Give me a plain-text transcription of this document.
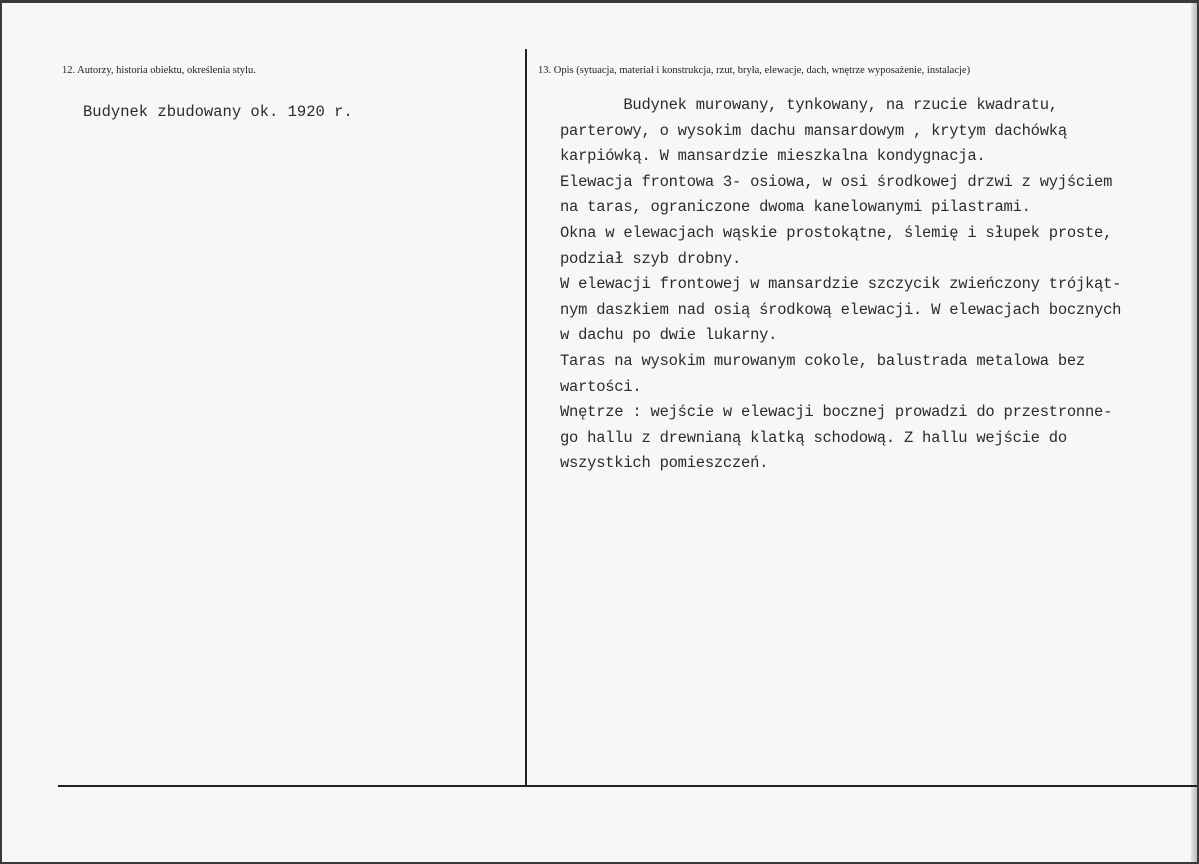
12. Autorzy, historia obiektu, określenia stylu.	13. Opis (sytuacja, materiał i konstrukcja, rzut, bryła, elewacje, dach, wnętrze wyposażenie, instalacje)
Budynek zbudowany ok. 1920 r.	Budynek murowany, tynkowany, na rzucie kwadratu,
parterowy, o wysokim dachu mansardowym , krytym dachówką
karpiówką. W mansardzie mieszkalna kondygnacja.
Elewacja frontowa 3- osiowa, w osi środkowej drzwi z wyjściem
na taras, ograniczone dwoma kanelowanymi pilastrami.
Okna w elewacjach wąskie prostokątne, ślemię i słupek proste,
podział szyb drobny.
W elewacji frontowej w mansardzie szczycik zwieńczony trójkąt-
nym daszkiem nad osią środkową elewacji. W elewacjach bocznych
w dachu po dwie lukarny.
Taras na wysokim murowanym cokole, balustrada metalowa bez
wartości.
Wnętrze : wejście w elewacji bocznej prowadzi do przestronne-
go hallu z drewnianą klatką schodową. Z hallu wejście do
wszystkich pomieszczeń.
